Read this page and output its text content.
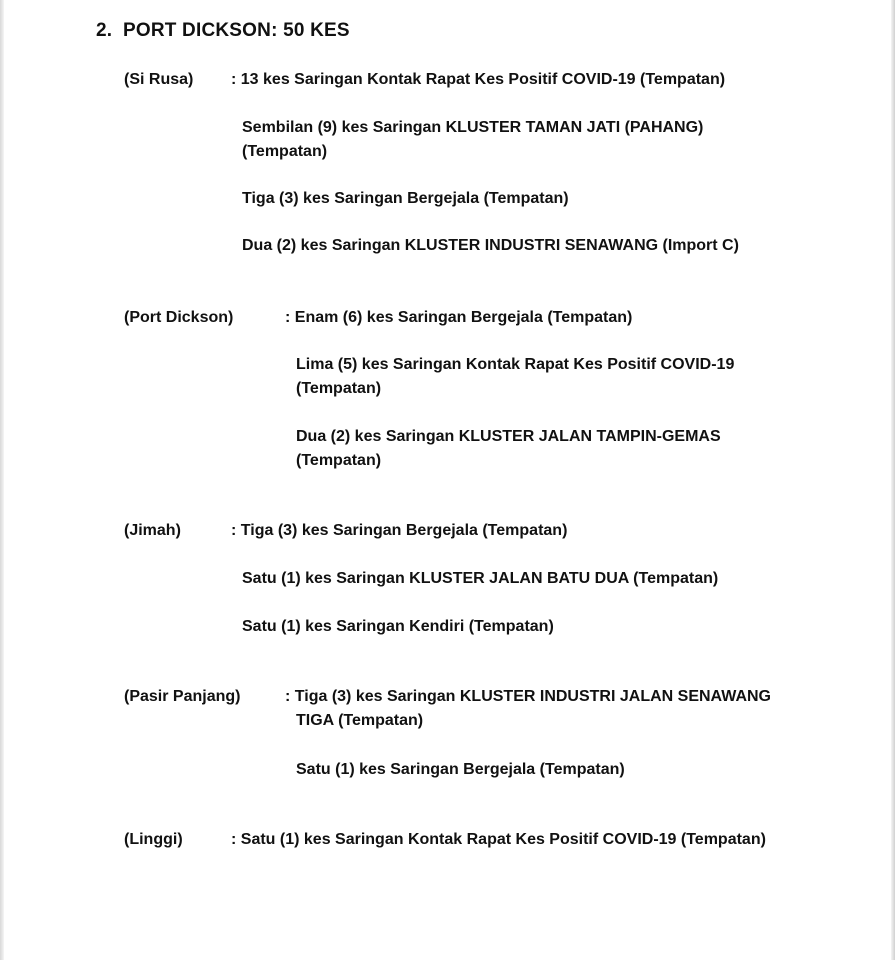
2. PORT DICKSON: 50 KES
(Si Rusa) : 13 kes Saringan Kontak Rapat Kes Positif COVID-19 (Tempatan)
Sembilan (9) kes Saringan KLUSTER TAMAN JATI (PAHANG)
(Tempatan)
Tiga (3) kes Saringan Bergejala (Tempatan)
Dua (2) kes Saringan KLUSTER INDUSTRI SENAWANG (Import C)
(Port Dickson)	: Enam (6) kes Saringan Bergejala (Tempatan)
Lima (5) kes Saringan Kontak Rapat Kes Positif COVID-19
(Tempatan)
Dua (2) kes Saringan KLUSTER JALAN TAMPIN-GEMAS
(Tempatan)
(Jimah)	: Tiga (3) kes Saringan Bergejala (Tempatan)
Satu (1) kes Saringan KLUSTER JALAN BATU DUA (Tempatan)
Satu (1) kes Saringan Kendiri (Tempatan)
(Pasir Panjang)	: Tiga (3) kes Saringan KLUSTER INDUSTRI JALAN SENAWANG
TIGA (Tempatan)
Satu (1) kes Saringan Bergejala (Tempatan)
(Linggi)	: Satu (1) kes Saringan Kontak Rapat Kes Positif COVID-19 (Tempatan)
